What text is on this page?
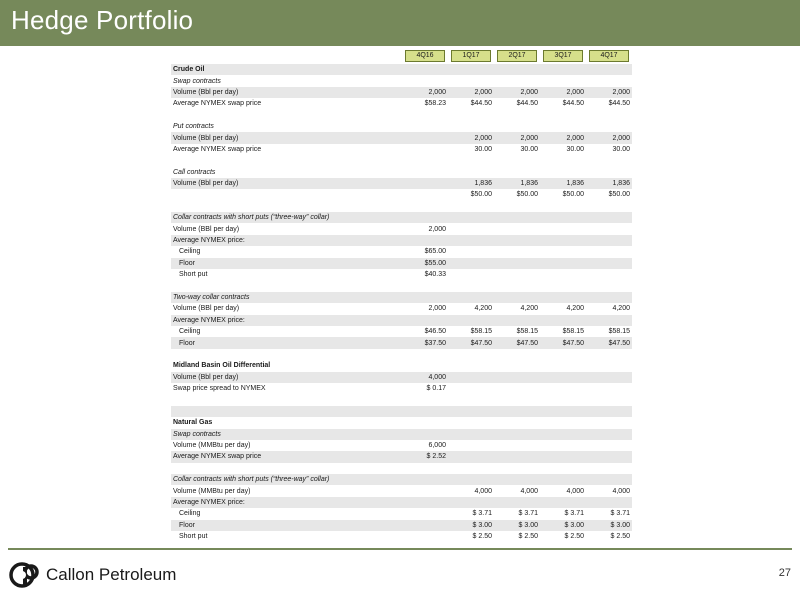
Hedge Portfolio

	4Q16	1Q17	2Q17	3Q17	4Q17

Crude Oil					
Swap contracts					
Volume (Bbl per day)	2,000	2,000	2,000	2,000	2,000
Average NYMEX swap price	$58.23	$44.50	$44.50	$44.50	$44.50

Put contracts					
Volume (Bbl per day)		2,000	2,000	2,000	2,000
Average NYMEX swap price		30.00	30.00	30.00	30.00

Call contracts					
Volume (Bbl per day)		1,836	1,836	1,836	1,836
		$50.00	$50.00	$50.00	$50.00

Collar contracts with short puts (“three-way” collar)					
Volume (BBl per day)	2,000				
Average NYMEX price:					
Ceiling	$65.00				
Floor	$55.00				
Short put	$40.33				

Two-way collar contracts					
Volume (BBl per day)	2,000	4,200	4,200	4,200	4,200
Average NYMEX price:					
Ceiling	$46.50	$58.15	$58.15	$58.15	$58.15
Floor	$37.50	$47.50	$47.50	$47.50	$47.50

Midland Basin Oil Differential					
Volume (Bbl per day)	4,000				
Swap price spread to NYMEX	$ 0.17				

Natural Gas					
Swap contracts					
Volume (MMBtu per day)	6,000				
Average NYMEX swap price	$ 2.52				

Collar contracts with short puts (“three-way” collar)					
Volume (MMBtu per day)		4,000	4,000	4,000	4,000
Average NYMEX price:					
Ceiling		$ 3.71	$ 3.71	$ 3.71	$ 3.71
Floor		$ 3.00	$ 3.00	$ 3.00	$ 3.00
Short put		$ 2.50	$ 2.50	$ 2.50	$ 2.50
Callon Petroleum	27
